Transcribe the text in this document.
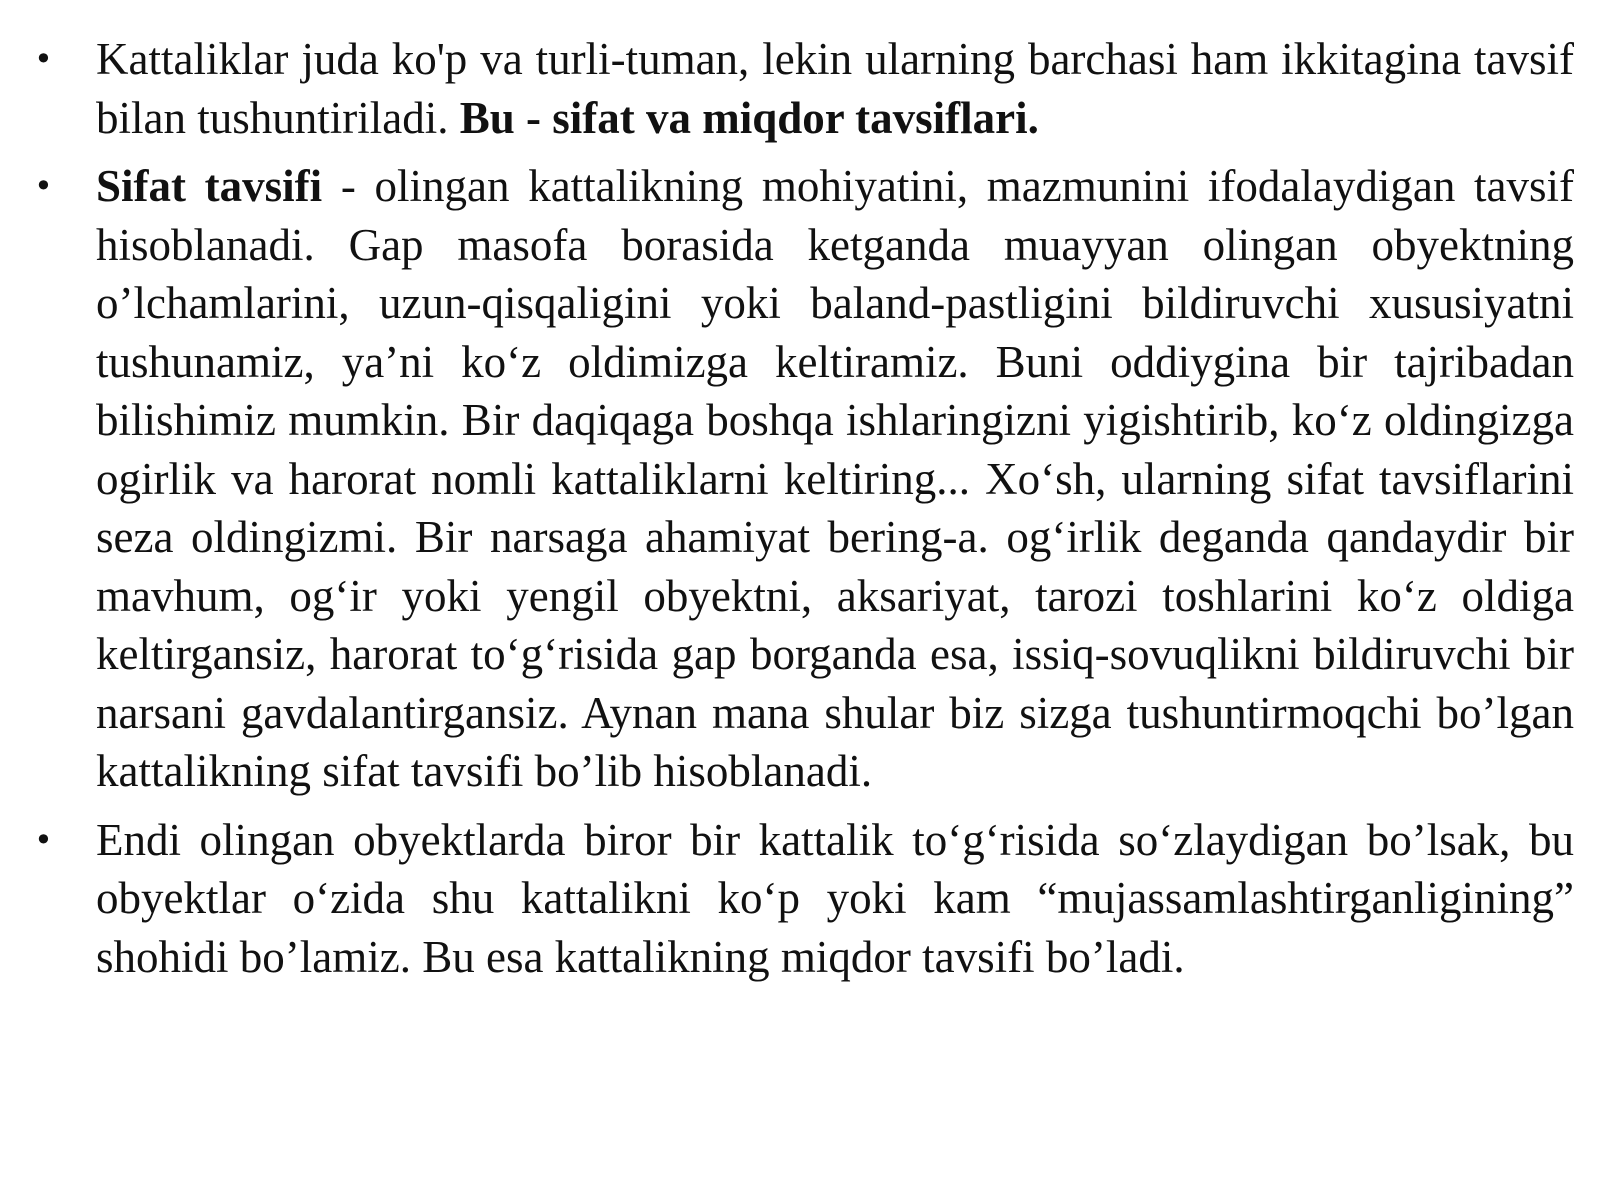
• Kattaliklar juda ko'p va turli-tuman, lekin ularning barchasi ham ikkitagina tavsif bilan tushuntiriladi. Bu - sifat va miqdor tavsiflari.
• Sifat tavsifi - olingan kattalikning mohiyatini, mazmunini ifodalaydigan tavsif hisoblanadi. Gap masofa borasida ketganda muayyan olingan obyektning o’lchamlarini, uzun-qisqaligini yoki baland-pastligini bildiruvchi xususiyatni tushunamiz, ya’ni ko‘z oldimizga keltiramiz. Buni oddiygina bir tajribadan bilishimiz mumkin. Bir daqiqaga boshqa ishlaringizni yigishtirib, ko‘z oldingizga ogirlik va harorat nomli kattaliklarni keltiring... Xo‘sh, ularning sifat tavsiflarini seza oldingizmi. Bir narsaga ahamiyat bering-a. og‘irlik deganda qandaydir bir mavhum, og‘ir yoki yengil obyektni, aksariyat, tarozi toshlarini ko‘z oldiga keltirgansiz, harorat to‘g‘risida gap borganda esa, issiq-sovuqlikni bildiruvchi bir narsani gavdalantirgansiz. Aynan mana shular biz sizga tushuntirmoqchi bo’lgan kattalikning sifat tavsifi bo’lib hisoblanadi.
• Endi olingan obyektlarda biror bir kattalik to‘g‘risida so‘zlaydigan bo’lsak, bu obyektlar o‘zida shu kattalikni ko‘p yoki kam “mujassamlashtirganligining” shohidi bo’lamiz. Bu esa kattalikning miqdor tavsifi bo’ladi.
